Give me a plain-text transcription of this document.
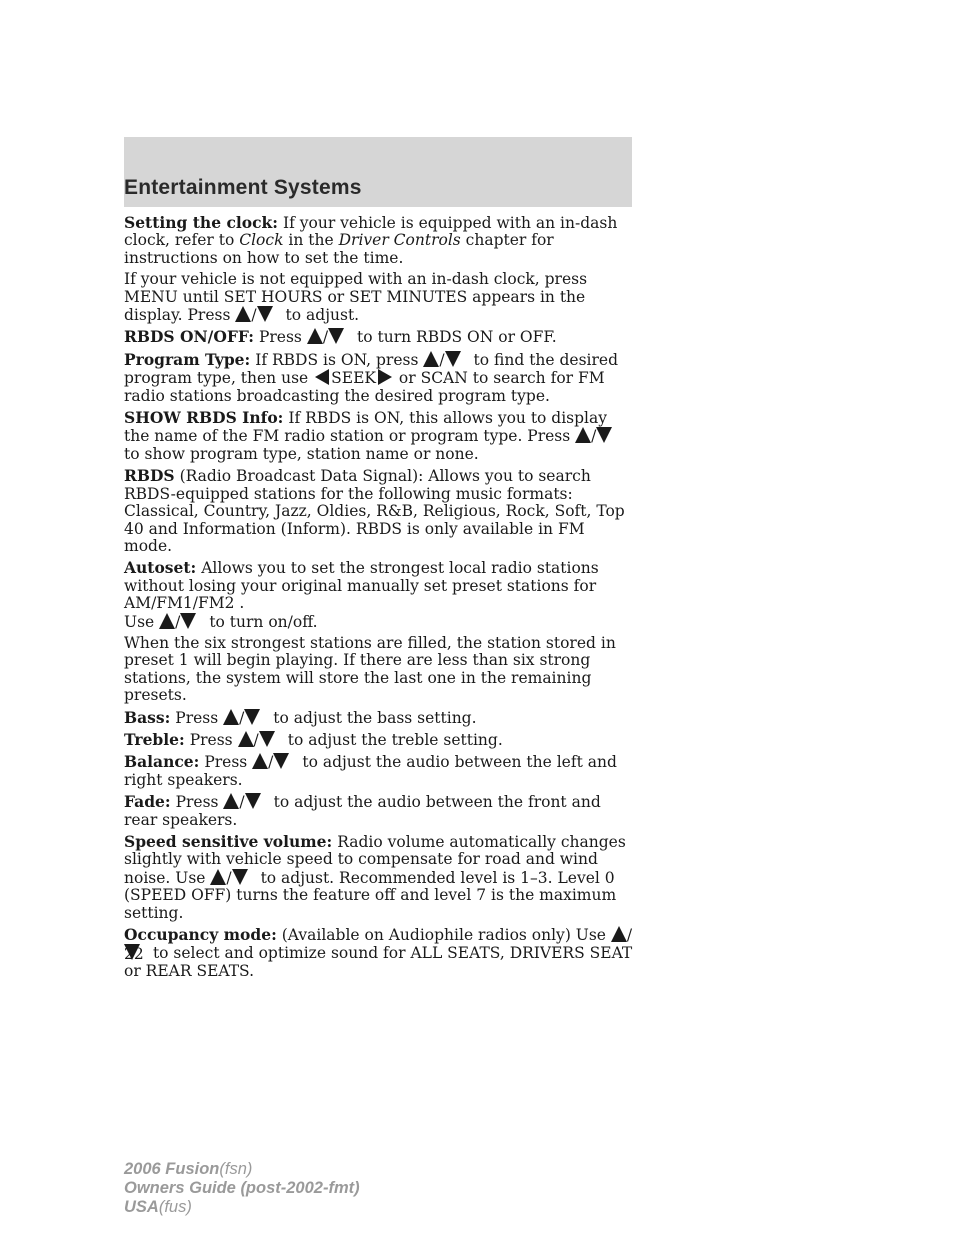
Entertainment Systems

Setting the clock: If your vehicle is equipped with an in-dash clock, refer to Clock in the Driver Controls chapter for instructions on how to set the time.

If your vehicle is not equipped with an in-dash clock, press MENU until SET HOURS or SET MINUTES appears in the display. Press / to adjust.

RBDS ON/OFF: Press / to turn RBDS ON or OFF.

Program Type: If RBDS is ON, press / to find the desired program type, then use SEEK or SCAN to search for FM radio stations broadcasting the desired program type.

SHOW RBDS Info: If RBDS is ON, this allows you to display the name of the FM radio station or program type. Press / to show program type, station name or none.

RBDS (Radio Broadcast Data Signal): Allows you to search RBDS-equipped stations for the following music formats: Classical, Country, Jazz, Oldies, R&B, Religious, Rock, Soft, Top 40 and Information (Inform). RBDS is only available in FM mode.

Autoset: Allows you to set the strongest local radio stations without losing your original manually set preset stations for AM/FM1/FM2 .
Use / to turn on/off.

When the six strongest stations are filled, the station stored in preset 1 will begin playing. If there are less than six strong stations, the system will store the last one in the remaining presets.

Bass: Press / to adjust the bass setting.

Treble: Press / to adjust the treble setting.

Balance: Press / to adjust the audio between the left and right speakers.

Fade: Press / to adjust the audio between the front and rear speakers.

Speed sensitive volume: Radio volume automatically changes slightly with vehicle speed to compensate for road and wind noise. Use / to adjust. Recommended level is 1–3. Level 0 (SPEED OFF) turns the feature off and level 7 is the maximum setting.

Occupancy mode: (Available on Audiophile radios only) Use / to select and optimize sound for ALL SEATS, DRIVERS SEAT or REAR SEATS.

22
2006 Fusion(fsn)
Owners Guide (post-2002-fmt)
USA(fus)
